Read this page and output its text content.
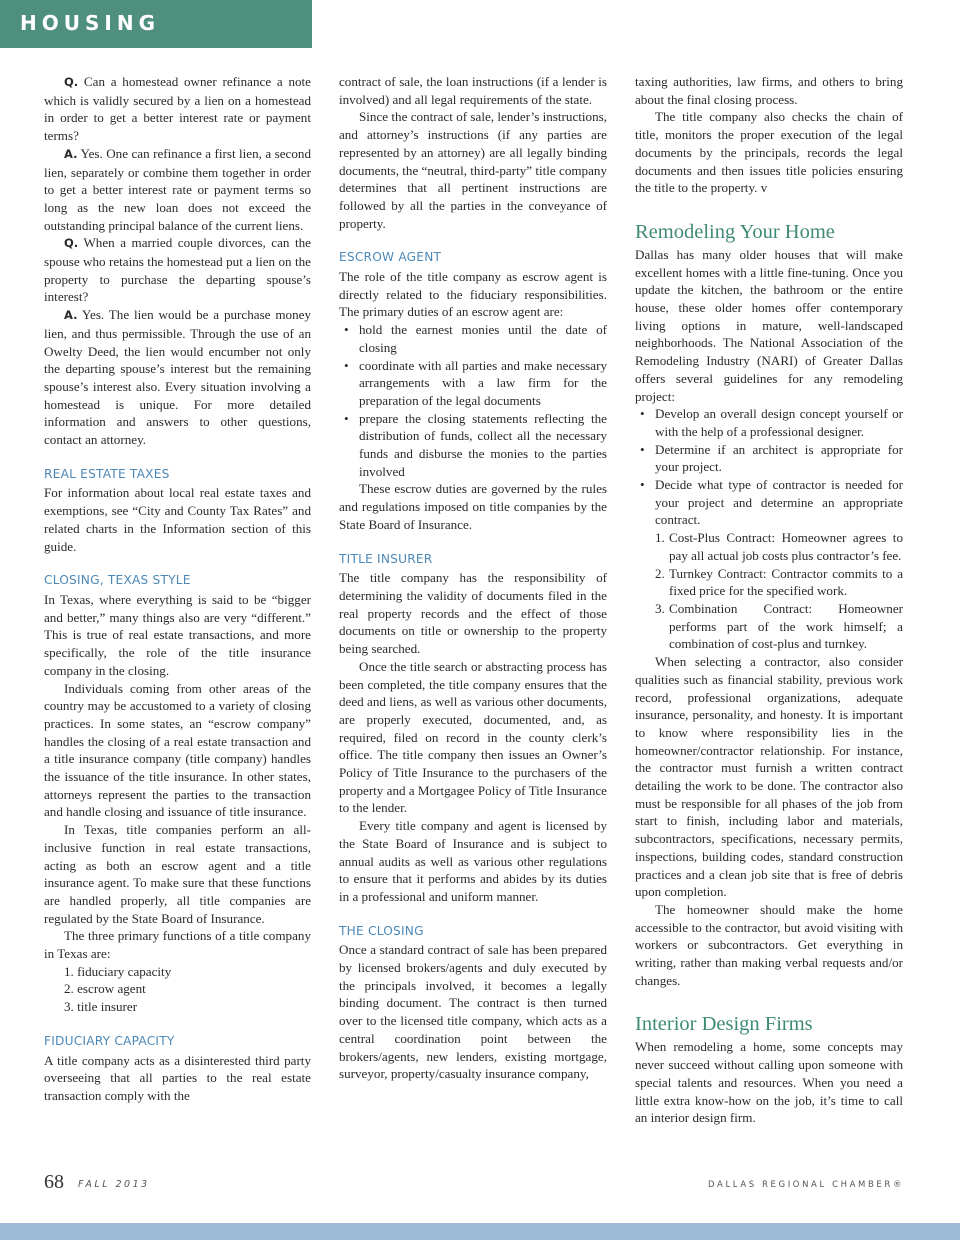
HOUSING

Q. Can a homestead owner refinance a note which is validly secured by a lien on a homestead in order to get a better interest rate or payment terms?

A. Yes. One can refinance a first lien, a second lien, separately or combine them together in order to get a better interest rate or payment terms so long as the new loan does not exceed the outstanding principal balance of the current liens.

Q. When a married couple divorces, can the spouse who retains the homestead put a lien on the property to purchase the departing spouse’s interest?

A. Yes. The lien would be a purchase money lien, and thus permissible. Through the use of an Owelty Deed, the lien would encumber not only the departing spouse’s interest but the remaining spouse’s interest also. Every situation involving a homestead is unique. For more detailed information and answers to other questions, contact an attorney.

REAL ESTATE TAXES

For information about local real estate taxes and exemptions, see “City and County Tax Rates” and related charts in the Information section of this guide.

CLOSING, TEXAS STYLE

In Texas, where everything is said to be “bigger and better,” many things also are very “different.” This is true of real estate transactions, and more specifically, the role of the title insurance company in the closing.

Individuals coming from other areas of the country may be accustomed to a variety of closing practices. In some states, an “escrow company” handles the closing of a real estate transaction and a title insurance company (title company) handles the issuance of the title insurance. In other states, attorneys represent the parties to the transaction and handle closing and issuance of title insurance.

In Texas, title companies perform an all-inclusive function in real estate transactions, acting as both an escrow agent and a title insurance agent. To make sure that these functions are handled properly, all title companies are regulated by the State Board of Insurance.

The three primary functions of a title company in Texas are:

1. fiduciary capacity
2. escrow agent
3. title insurer
FIDUCIARY CAPACITY

A title company acts as a disinterested third party overseeing that all parties to the real estate transaction comply with the

contract of sale, the loan instructions (if a lender is involved) and all legal requirements of the state.

Since the contract of sale, lender’s instructions, and attorney’s instructions (if any parties are represented by an attorney) are all legally binding documents, the “neutral, third-party” title company determines that all pertinent instructions are followed by all the parties in the conveyance of property.

ESCROW AGENT

The role of the title company as escrow agent is directly related to the fiduciary responsibilities. The primary duties of an escrow agent are:

• hold the earnest monies until the date of closing
• coordinate with all parties and make necessary arrangements with a law firm for the preparation of the legal documents
• prepare the closing statements reflecting the distribution of funds, collect all the necessary funds and disburse the monies to the parties involved

These escrow duties are governed by the rules and regulations imposed on title companies by the State Board of Insurance.

TITLE INSURER

The title company has the responsibility of determining the validity of documents filed in the real property records and the effect of those documents on title or ownership to the property being searched.

Once the title search or abstracting process has been completed, the title company ensures that the deed and liens, as well as various other documents, are properly executed, documented, and, as required, filed on record in the county clerk’s office. The title company then issues an Owner’s Policy of Title Insurance to the purchasers of the property and a Mortgagee Policy of Title Insurance to the lender.

Every title company and agent is licensed by the State Board of Insurance and is subject to annual audits as well as various other regulations to ensure that it performs and abides by its duties in a professional and uniform manner.

THE CLOSING

Once a standard contract of sale has been prepared by licensed brokers/agents and duly executed by the principals involved, it becomes a legally binding document. The contract is then turned over to the licensed title company, which acts as a central coordination point between the brokers/agents, new lenders, existing mortgage, surveyor, property/casualty insurance company,

taxing authorities, law firms, and others to bring about the final closing process.

The title company also checks the chain of title, monitors the proper execution of the legal documents by the principals, records the legal documents and then issues title policies ensuring the title to the property. v

Remodeling Your Home

Dallas has many older houses that will make excellent homes with a little fine-tuning. Once you update the kitchen, the bathroom or the entire house, these older homes offer contemporary living options in mature, well-landscaped neighborhoods. The National Association of the Remodeling Industry (NARI) of Greater Dallas offers several guidelines for any remodeling project:

• Develop an overall design concept yourself or with the help of a professional designer.
• Determine if an architect is appropriate for your project.
• Decide what type of contractor is needed for your project and determine an appropriate contract.
1. Cost-Plus Contract: Homeowner agrees to pay all actual job costs plus contractor’s fee.
2. Turnkey Contract: Contractor commits to a fixed price for the specified work.
3. Combination Contract: Homeowner performs part of the work himself; a combination of cost-plus and turnkey.

When selecting a contractor, also consider qualities such as financial stability, previous work record, professional organizations, adequate insurance, personality, and honesty. It is important to know where responsibility lies in the homeowner/contractor relationship. For instance, the contractor must furnish a written contract detailing the work to be done. The contractor also must be responsible for all phases of the job from start to finish, including labor and materials, subcontractors, specifications, necessary permits, inspections, building codes, standard construction practices and a clean job site that is free of debris upon completion.

The homeowner should make the home accessible to the contractor, but avoid visiting with workers or subcontractors. Get everything in writing, rather than making verbal requests and/or changes.

Interior Design Firms

When remodeling a home, some concepts may never succeed without calling upon someone with special talents and resources. When you need a little extra know-how on the job, it’s time to call an interior design firm.

68 FALL 2013	DALLAS REGIONAL CHAMBER®
